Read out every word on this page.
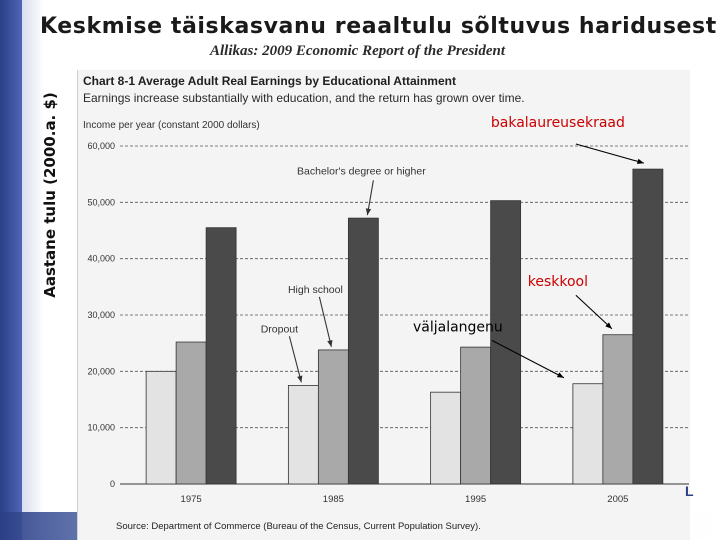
Keskmise täiskasvanu reaaltulu sõltuvus haridusest
Allikas: 2009 Economic Report of the President
Aastane tulu (2000.a. $)
Chart 8-1 Average Adult Real Earnings by Educational Attainment
Earnings increase substantially with education, and the return has grown over time.
Income per year (constant 2000 dollars)
Source: Department of Commerce (Bureau of the Census, Current Population Survey).
L
0
10,000
20,000
30,000
40,000
50,000
60,000
1975	1985	1995	2005
Bachelor's degree or higher
High school
Dropout
bakalaureusekraad
keskkool
väljalangenu
